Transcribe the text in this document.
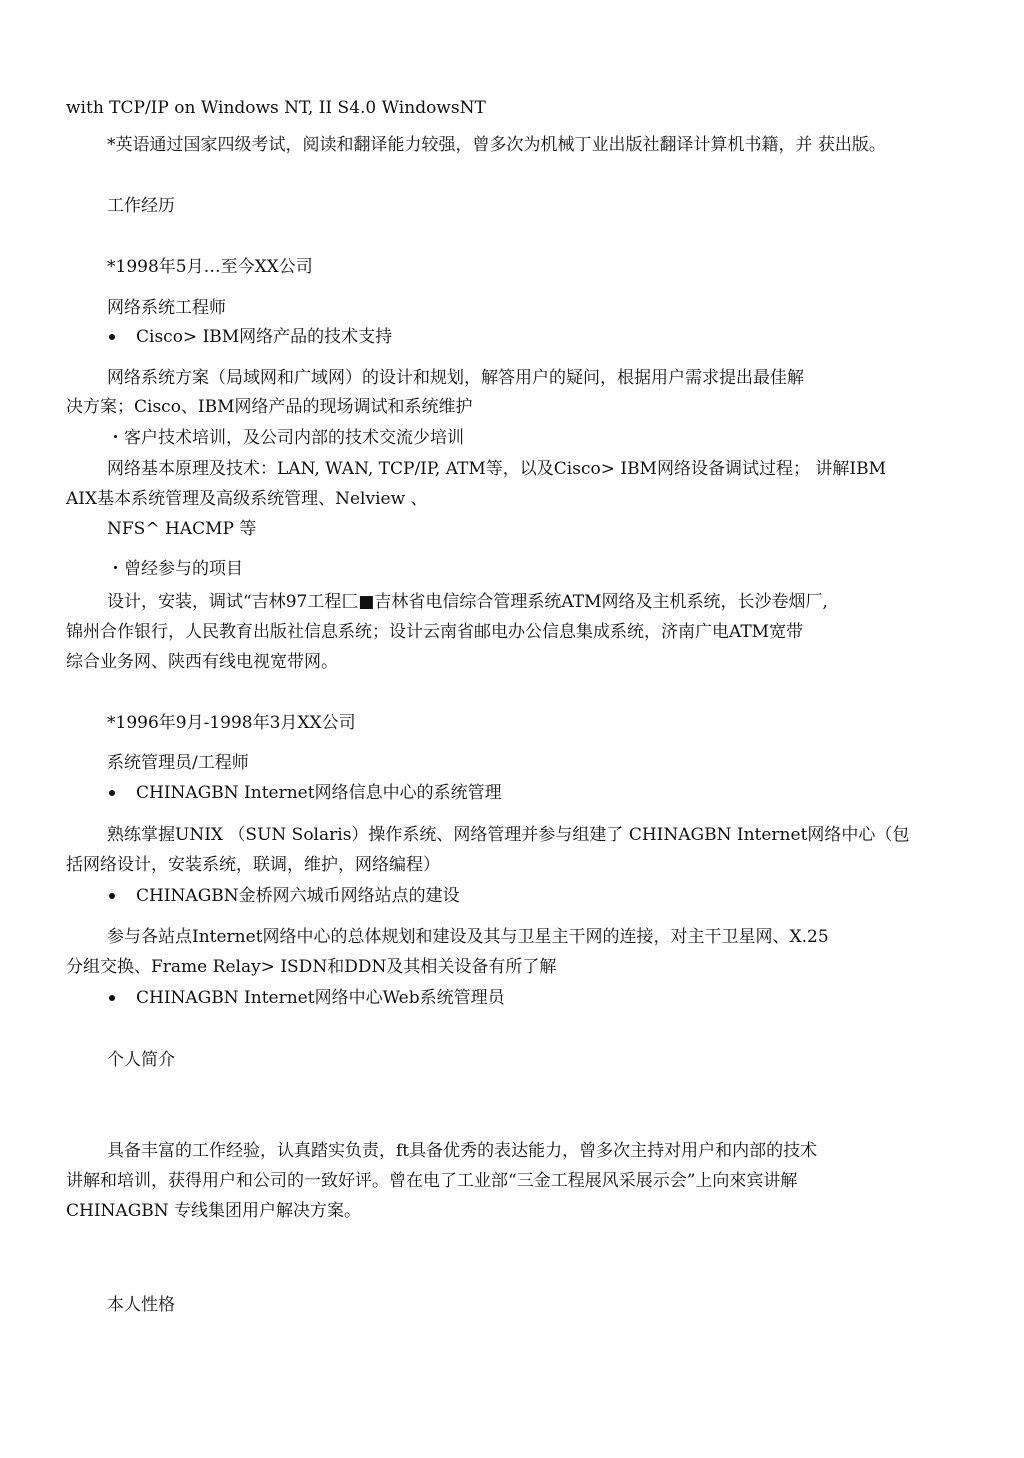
with TCP/IP on Windows NT, II S4.0 WindowsNT
*英语通过国家四级考试，阅读和翻译能力较强，曾多次为机械丁业出版社翻译计算机书籍，并 获出版。
工作经历
*1998年5月…至今XX公司
网络系统工程师
Cisco> IBM网络产品的技术支持
网络系统方案（局域网和广域网）的设计和规划，解答用户的疑问，根据用户需求提出最佳解
决方案；Cisco、IBM网络产品的现场调试和系统维护
・客户技术培训，及公司内部的技术交流少培训
网络基本原理及技术：LAN, WAN, TCP/IP, ATM等，以及Cisco> IBM网络设备调试过程； 讲解IBM
AIX基本系统管理及高级系统管理、Nelview 、
NFS^ HACMP 等
・曾经参与的项目
设计，安装，调试“吉林97工程匚■吉林省电信综合管理系统ATM网络及主机系统，长沙卷烟厂,
锦州合作银行，人民教育出版社信息系统；设计云南省邮电办公信息集成系统，济南广电ATM宽带
综合业务网、陕西有线电视宽带网。
*1996年9月-1998年3月XX公司
系统管理员/工程师
CHINAGBN Internet网络信息中心的系统管理
熟练掌握UNIX （SUN Solaris）操作系统、网络管理并参与组建了 CHINAGBN Internet网络中心（包
括网络设计，安装系统，联调，维护，网络编程）
CHINAGBN金桥网六城币网络站点的建设
参与各站点Internet网络中心的总体规划和建设及其与卫星主干网的连接，对主干卫星网、X.25
分组交换、Frame Relay> ISDN和DDN及其相关设备有所了解
CHINAGBN Internet网络中心Web系统管理员
个人简介
具备丰富的工作经验，认真踏实负责，ft具备优秀的表达能力，曾多次主持对用户和内部的技术
讲解和培训，获得用户和公司的一致好评。曾在电了工业部“三金工程展风采展示会”上向來宾讲解
CHINAGBN 专线集团用户解决方案。
本人性格
